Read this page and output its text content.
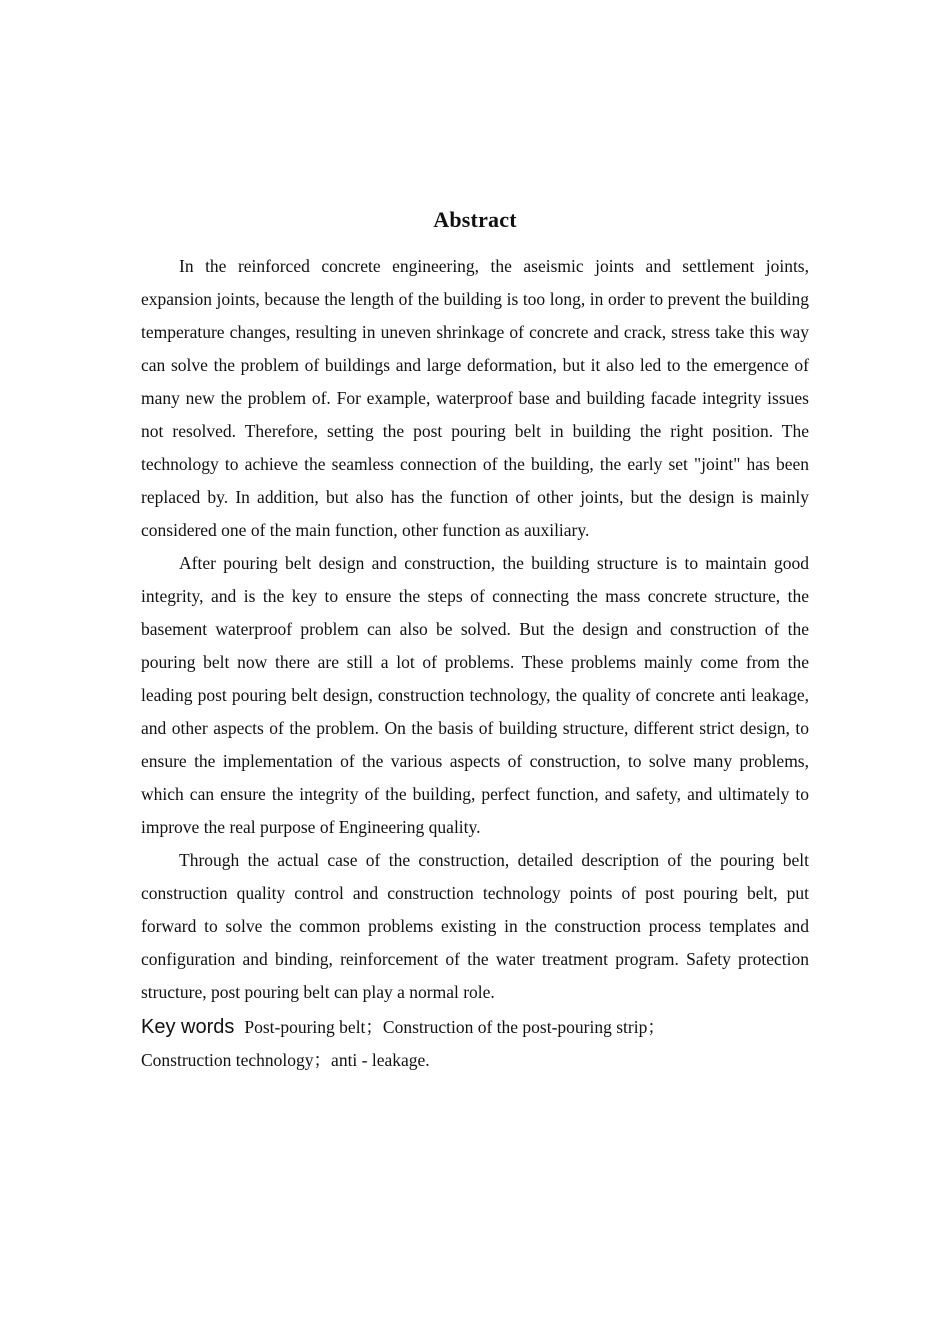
Abstract

In the reinforced concrete engineering, the aseismic joints and settlement joints, expansion joints, because the length of the building is too long, in order to prevent the building temperature changes, resulting in uneven shrinkage of concrete and crack, stress take this way can solve the problem of buildings and large deformation, but it also led to the emergence of many new the problem of. For example, waterproof base and building facade integrity issues not resolved. Therefore, setting the post pouring belt in building the right position. The technology to achieve the seamless connection of the building, the early set "joint" has been replaced by. In addition, but also has the function of other joints, but the design is mainly considered one of the main function, other function as auxiliary.

After pouring belt design and construction, the building structure is to maintain good integrity, and is the key to ensure the steps of connecting the mass concrete structure, the basement waterproof problem can also be solved. But the design and construction of the pouring belt now there are still a lot of problems. These problems mainly come from the leading post pouring belt design, construction technology, the quality of concrete anti leakage, and other aspects of the problem. On the basis of building structure, different strict design, to ensure the implementation of the various aspects of construction, to solve many problems, which can ensure the integrity of the building, perfect function, and safety, and ultimately to improve the real purpose of Engineering quality.

Through the actual case of the construction, detailed description of the pouring belt construction quality control and construction technology points of post pouring belt, put forward to solve the common problems existing in the construction process templates and configuration and binding, reinforcement of the water treatment program. Safety protection structure, post pouring belt can play a normal role.

Key words Post-pouring belt；Construction of the post-pouring strip；

Construction technology；anti - leakage.
